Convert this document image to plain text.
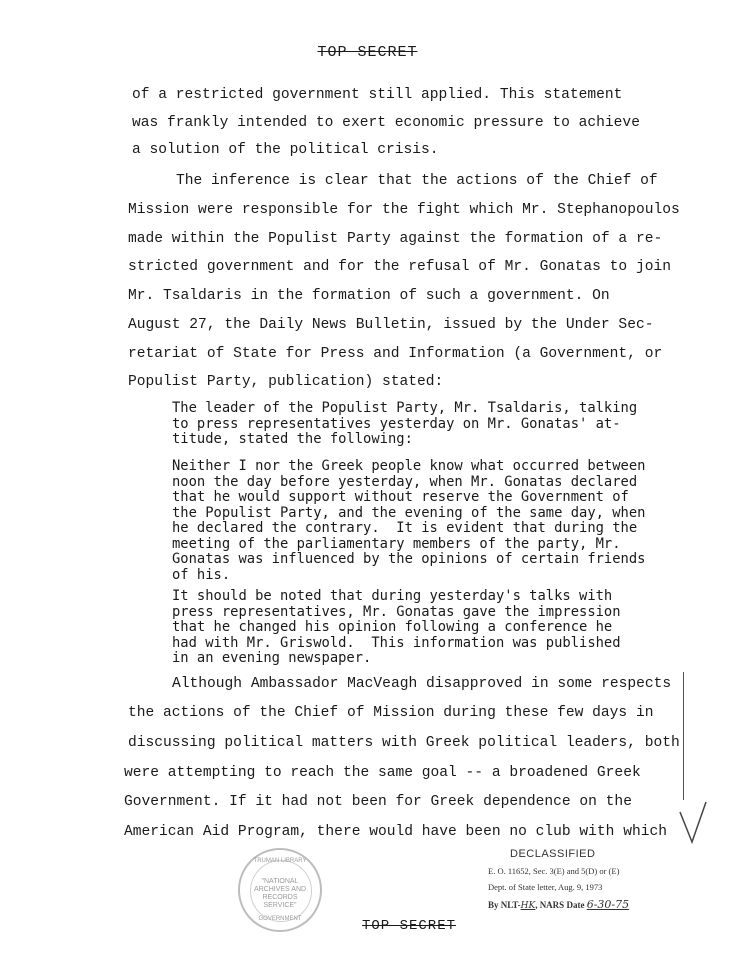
TOP SECRET
of a restricted government still applied. This statement
was frankly intended to exert economic pressure to achieve
a solution of the political crisis.
The inference is clear that the actions of the Chief of
Mission were responsible for the fight which Mr. Stephanopoulos
made within the Populist Party against the formation of a re-
stricted government and for the refusal of Mr. Gonatas to join
Mr. Tsaldaris in the formation of such a government. On
August 27, the Daily News Bulletin, issued by the Under Sec-
retariat of State for Press and Information (a Government, or
Populist Party, publication) stated:
The leader of the Populist Party, Mr. Tsaldaris, talking
to press representatives yesterday on Mr. Gonatas' at-
titude, stated the following:
Neither I nor the Greek people know what occurred between
noon the day before yesterday, when Mr. Gonatas declared
that he would support without reserve the Government of
the Populist Party, and the evening of the same day, when
he declared the contrary.  It is evident that during the
meeting of the parliamentary members of the party, Mr.
Gonatas was influenced by the opinions of certain friends
of his.
It should be noted that during yesterday's talks with
press representatives, Mr. Gonatas gave the impression
that he changed his opinion following a conference he
had with Mr. Griswold.  This information was published
in an evening newspaper.
Although Ambassador MacVeagh disapproved in some respects
the actions of the Chief of Mission during these few days in
discussing political matters with Greek political leaders, both
were attempting to reach the same goal -- a broadened Greek
Government. If it had not been for Greek dependence on the
American Aid Program, there would have been no club with which
TRUMAN LIBRARY
"NATIONAL
ARCHIVES AND
RECORDS
SERVICE"
GOVERNMENT
DECLASSIFIED
E. O. 11652, Sec. 3(E) and 5(D) or (E)
Dept. of State letter, Aug. 9, 1973
By NLT-HK, NARS Date 6-30-75
TOP SECRET
